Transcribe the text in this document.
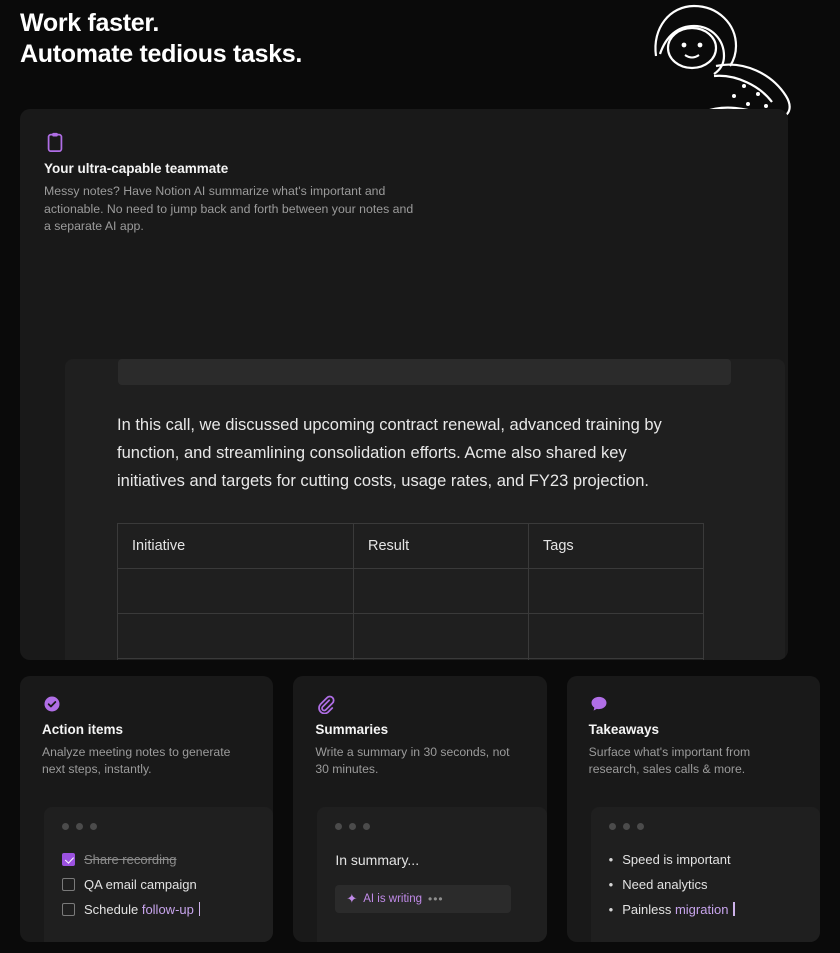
Work faster.
Automate tedious tasks.

Your ultra-capable teammate

Messy notes? Have Notion AI summarize what's important and actionable. No need to jump back and forth between your notes and a separate AI app.

In this call, we discussed upcoming contract renewal, advanced training by function, and streamlining consolidation efforts. Acme also shared key initiatives and targets for cutting costs, usage rates, and FY23 projection.

Initiative	Result	Tags

Action items

Analyze meeting notes to generate next steps, instantly.

Share recording
QA email campaign
Schedule follow-up

Summaries

Write a summary in 30 seconds, not 30 minutes.

In summary...
✦ AI is writing •••

Takeaways

Surface what's important from research, sales calls & more.

• Speed is important
• Need analytics
• Painless migration
